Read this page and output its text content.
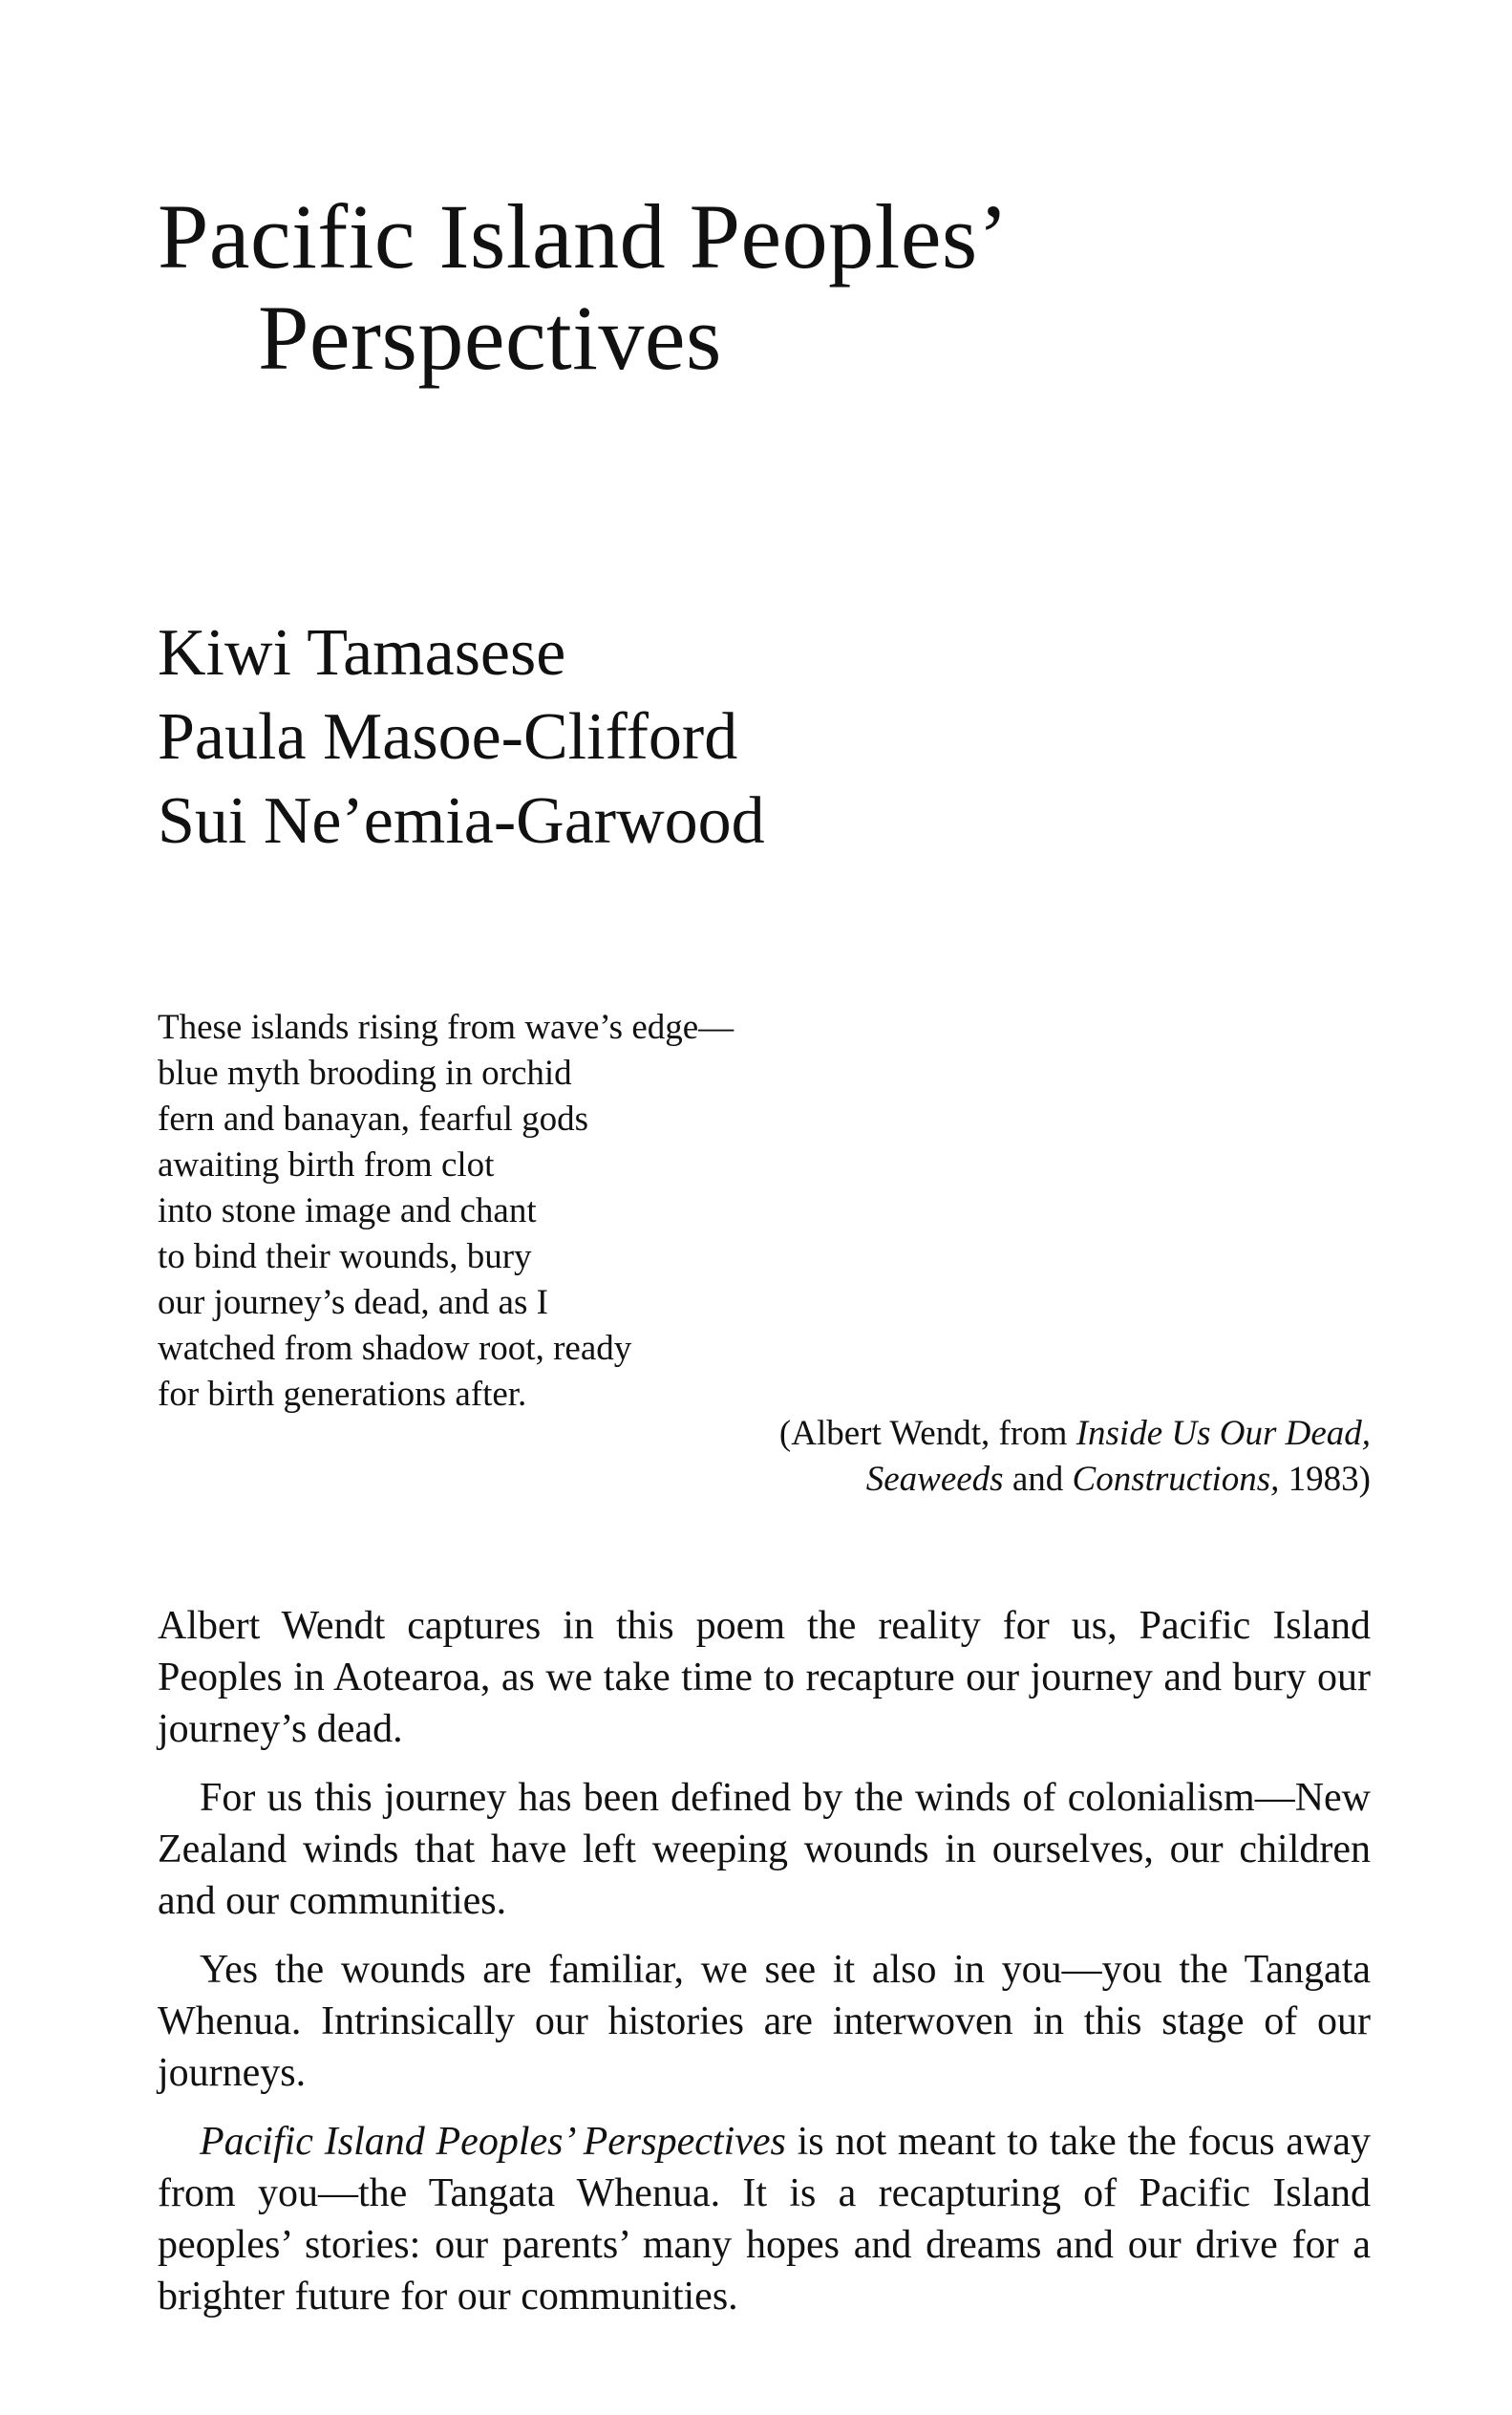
Pacific Island Peoples’
Perspectives
Kiwi Tamasese
Paula Masoe-Clifford
Sui Ne’emia-Garwood
These islands rising from wave’s edge—
blue myth brooding in orchid
fern and banayan, fearful gods
awaiting birth from clot
into stone image and chant
to bind their wounds, bury
our journey’s dead, and as I
watched from shadow root, ready
for birth generations after.
(Albert Wendt, from Inside Us Our Dead,
Seaweeds and Constructions, 1983)

Albert Wendt captures in this poem the reality for us, Pacific Island Peoples in Aotearoa, as we take time to recapture our journey and bury our journey’s dead.

For us this journey has been defined by the winds of colonialism—New Zealand winds that have left weeping wounds in ourselves, our children and our communities.

Yes the wounds are familiar, we see it also in you—you the Tangata Whenua. Intrinsically our histories are interwoven in this stage of our journeys.

Pacific Island Peoples’ Perspectives is not meant to take the focus away from you—the Tangata Whenua. It is a recapturing of Pacific Island peoples’ stories: our parents’ many hopes and dreams and our drive for a brighter future for our communities.
